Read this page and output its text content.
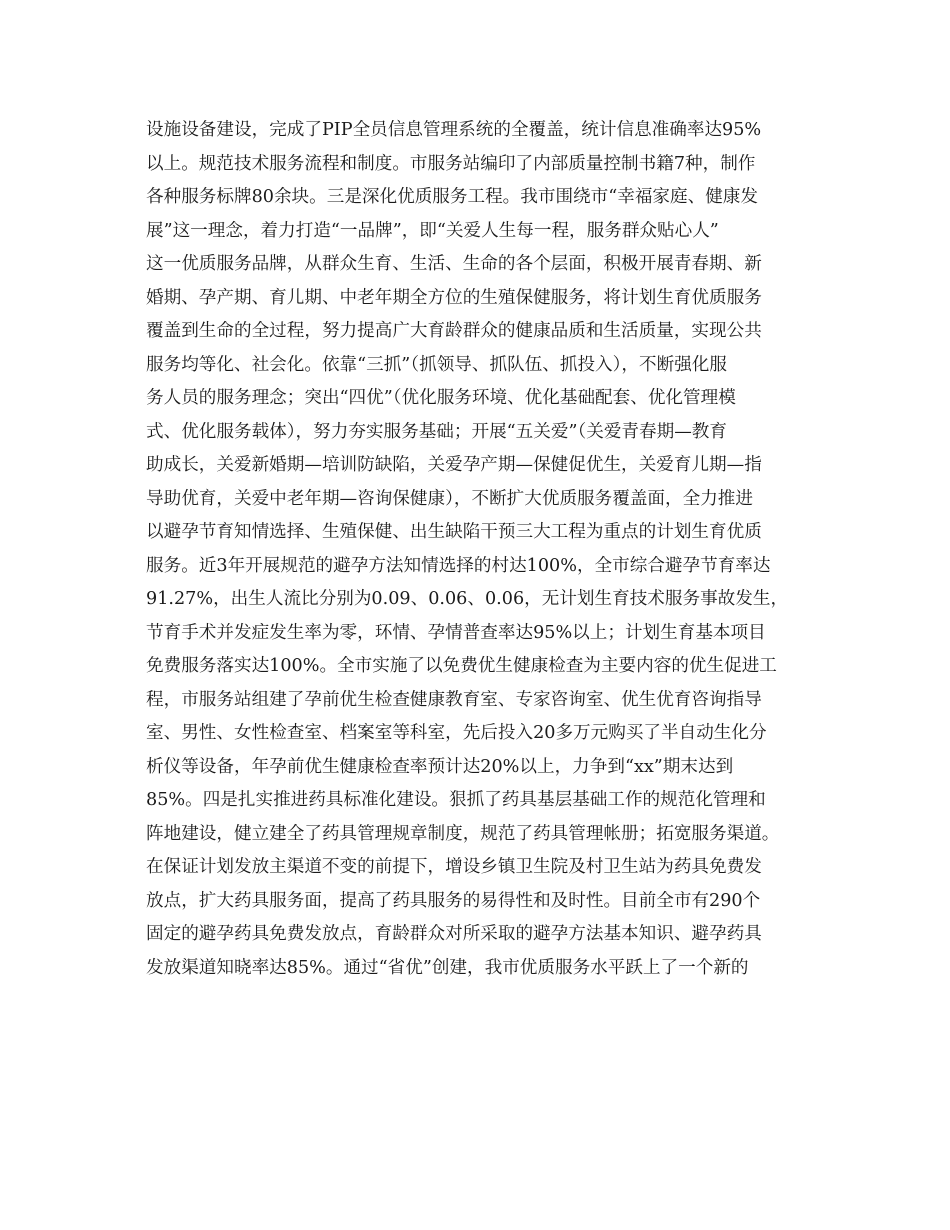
设施设备建设，完成了PIP全员信息管理系统的全覆盖，统计信息准确率达95%
以上。规范技术服务流程和制度。市服务站编印了内部质量控制书籍7种，制作
各种服务标牌80余块。三是深化优质服务工程。我市围绕市“幸福家庭、健康发
展”这一理念，着力打造“一品牌”，即“关爱人生每一程，服务群众贴心人”
这一优质服务品牌，从群众生育、生活、生命的各个层面，积极开展青春期、新
婚期、孕产期、育儿期、中老年期全方位的生殖保健服务，将计划生育优质服务
覆盖到生命的全过程，努力提高广大育龄群众的健康品质和生活质量，实现公共
服务均等化、社会化。依靠“三抓”（抓领导、抓队伍、抓投入），不断强化服
务人员的服务理念；突出“四优”（优化服务环境、优化基础配套、优化管理模
式、优化服务载体），努力夯实服务基础；开展“五关爱”（关爱青春期—教育
助成长，关爱新婚期—培训防缺陷，关爱孕产期—保健促优生，关爱育儿期—指
导助优育，关爱中老年期—咨询保健康），不断扩大优质服务覆盖面，全力推进
以避孕节育知情选择、生殖保健、出生缺陷干预三大工程为重点的计划生育优质
服务。近3年开展规范的避孕方法知情选择的村达100%，全市综合避孕节育率达
91.27%，出生人流比分别为0.09、0.06、0.06，无计划生育技术服务事故发生，
节育手术并发症发生率为零，环情、孕情普查率达95%以上；计划生育基本项目
免费服务落实达100%。全市实施了以免费优生健康检查为主要内容的优生促进工
程，市服务站组建了孕前优生检查健康教育室、专家咨询室、优生优育咨询指导
室、男性、女性检查室、档案室等科室，先后投入20多万元购买了半自动生化分
析仪等设备，年孕前优生健康检查率预计达20%以上，力争到“xx”期末达到
85%。四是扎实推进药具标准化建设。狠抓了药具基层基础工作的规范化管理和
阵地建设，健立建全了药具管理规章制度，规范了药具管理帐册；拓宽服务渠道。
在保证计划发放主渠道不变的前提下，增设乡镇卫生院及村卫生站为药具免费发
放点，扩大药具服务面，提高了药具服务的易得性和及时性。目前全市有290个
固定的避孕药具免费发放点，育龄群众对所采取的避孕方法基本知识、避孕药具
发放渠道知晓率达85%。通过“省优”创建，我市优质服务水平跃上了一个新的
